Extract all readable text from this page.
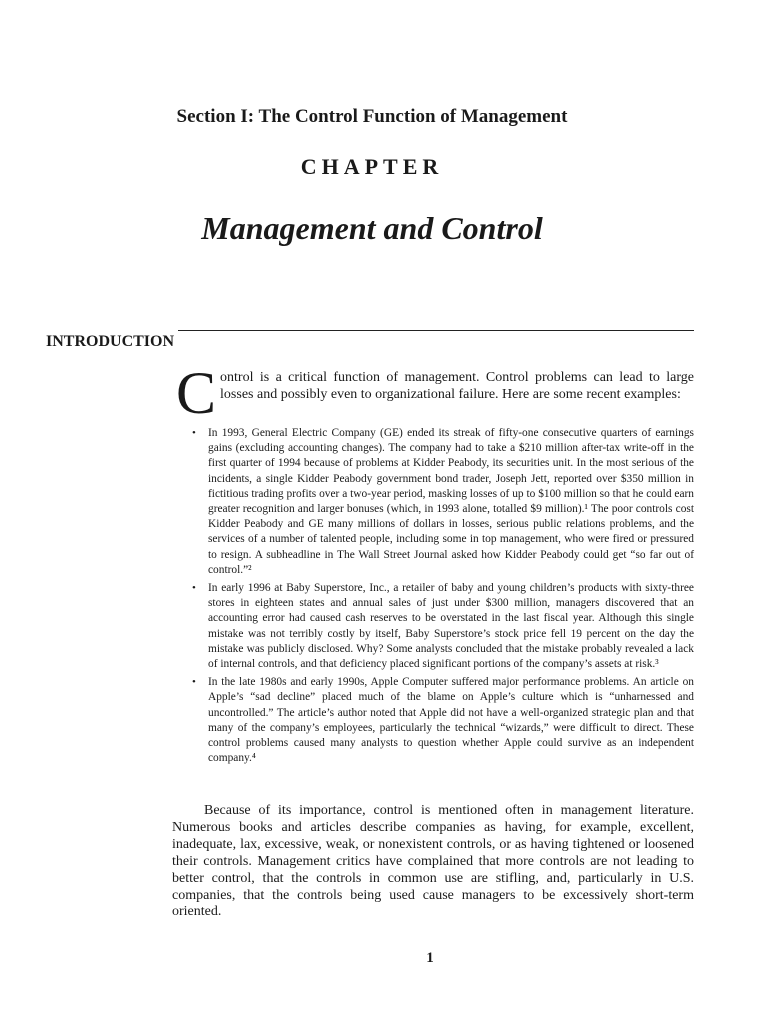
Section I: The Control Function of Management
CHAPTER
Management and Control
INTRODUCTION
Control is a critical function of management. Control problems can lead to large losses and possibly even to organizational failure. Here are some recent examples:
• In 1993, General Electric Company (GE) ended its streak of fifty-one consecutive quarters of earnings gains (excluding accounting changes). The company had to take a $210 million after-tax write-off in the first quarter of 1994 because of problems at Kidder Peabody, its securities unit. In the most serious of the incidents, a single Kidder Peabody government bond trader, Joseph Jett, reported over $350 million in fictitious trading profits over a two-year period, masking losses of up to $100 million so that he could earn greater recognition and larger bonuses (which, in 1993 alone, totalled $9 million).¹ The poor controls cost Kidder Peabody and GE many millions of dollars in losses, serious public relations problems, and the services of a number of talented people, including some in top management, who were fired or pressured to resign. A subheadline in The Wall Street Journal asked how Kidder Peabody could get “so far out of control.”²
• In early 1996 at Baby Superstore, Inc., a retailer of baby and young children’s products with sixty-three stores in eighteen states and annual sales of just under $300 million, managers discovered that an accounting error had caused cash reserves to be overstated in the last fiscal year. Although this single mistake was not terribly costly by itself, Baby Superstore’s stock price fell 19 percent on the day the mistake was publicly disclosed. Why? Some analysts concluded that the mistake probably revealed a lack of internal controls, and that deficiency placed significant portions of the company’s assets at risk.³
• In the late 1980s and early 1990s, Apple Computer suffered major performance problems. An article on Apple’s “sad decline” placed much of the blame on Apple’s culture which is “unharnessed and uncontrolled.” The article’s author noted that Apple did not have a well-organized strategic plan and that many of the company’s employees, particularly the technical “wizards,” were difficult to direct. These control problems caused many analysts to question whether Apple could survive as an independent company.⁴
Because of its importance, control is mentioned often in management literature. Numerous books and articles describe companies as having, for example, excellent, inadequate, lax, excessive, weak, or nonexistent controls, or as having tightened or loosened their controls. Management critics have complained that more controls are not leading to better control, that the controls in common use are stifling, and, particularly in U.S. companies, that the controls being used cause managers to be excessively short-term oriented.
1
